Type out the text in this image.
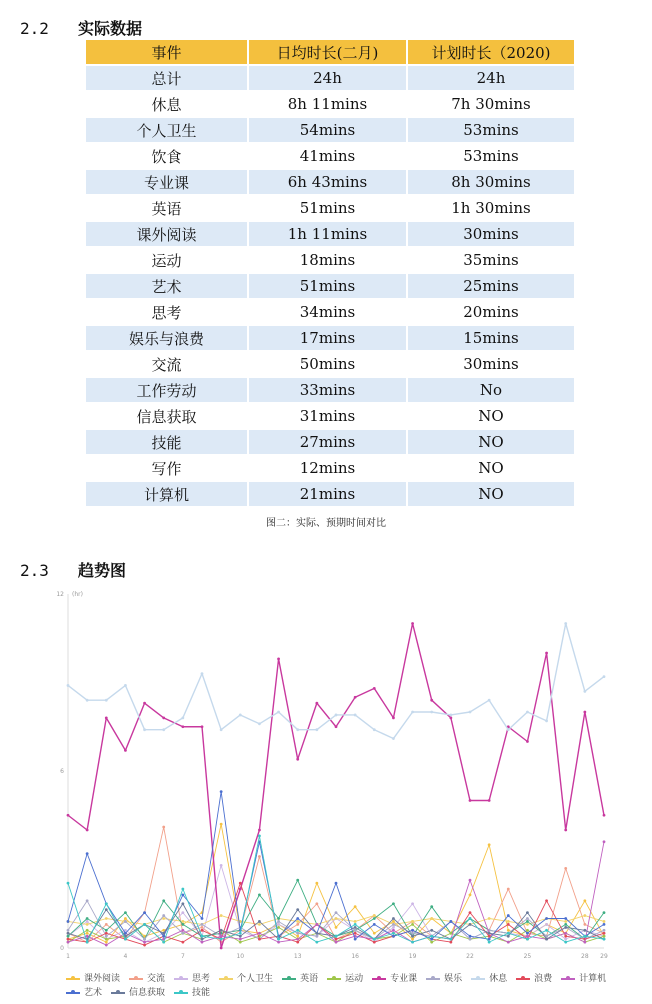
2.2 实际数据
事件	日均时长(二月)	计划时长（2020)
总计	24h	24h
休息	8h 11mins	7h 30mins
个人卫生	54mins	53mins
饮食	41mins	53mins
专业课	6h 43mins	8h 30mins
英语	51mins	1h 30mins
课外阅读	1h 11mins	30mins
运动	18mins	35mins
艺术	51mins	25mins
思考	34mins	20mins
娱乐与浪费	17mins	15mins
交流	50mins	30mins
工作劳动	33mins	No
信息获取	31mins	NO
技能	27mins	NO
写作	12mins	NO
计算机	21mins	NO
图二：实际、预期时间对比
2.3 趋势图
0
6
12 (hr)
1	4	7	10	13	16	19	22	25	28 29
课外阅读	交流	思考	个人卫生	英语	运动	专业课	娱乐	休息	浪费	计算机艺术	信息获取	技能
